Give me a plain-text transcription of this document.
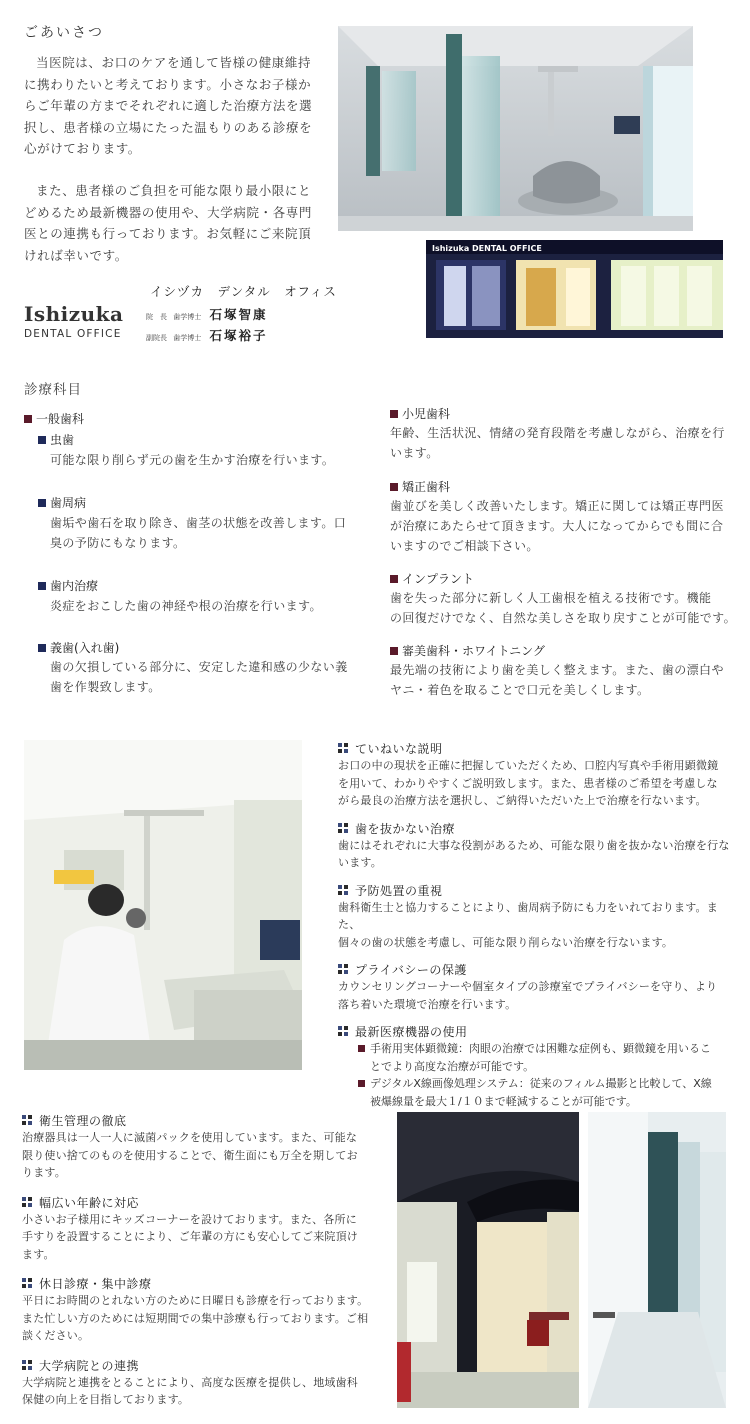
ごあいさつ
当医院は、お口のケアを通して皆様の健康維持
に携わりたいと考えております。小さなお子様か
らご年輩の方までそれぞれに適した治療方法を選
択し、患者様の立場にたった温もりのある診療を
心がけております。
また、患者様のご負担を可能な限り最小限にと
どめるため最新機器の使用や、大学病院・各専門
医との連携も行っております。お気軽にご来院頂
ければ幸いです。	Ishizuka DENTAL OFFICE
Ishizuka
DENTAL OFFICE
イシヅカ　デンタル　オフィス
院　長 歯学博士 石塚智康
副院長 歯学博士 石塚裕子
診療科目
一般歯科
虫歯
可能な限り削らず元の歯を生かす治療を行います。
歯周病
歯垢や歯石を取り除き、歯茎の状態を改善します。口
臭の予防にもなります。
歯内治療
炎症をおこした歯の神経や根の治療を行います。
義歯(入れ歯)
歯の欠損している部分に、安定した違和感の少ない義
歯を作製致します。
小児歯科
年齢、生活状況、情緒の発育段階を考慮しながら、治療を行
います。
矯正歯科
歯並びを美しく改善いたします。矯正に関しては矯正専門医
が治療にあたらせて頂きます。大人になってからでも間に合
いますのでご相談下さい。
インプラント
歯を失った部分に新しく人工歯根を植える技術です。機能
の回復だけでなく、自然な美しさを取り戻すことが可能です。
審美歯科・ホワイトニング
最先端の技術により歯を美しく整えます。また、歯の漂白や
ヤニ・着色を取ることで口元を美しくします。
ていねいな説明
お口の中の現状を正確に把握していただくため、口腔内写真や手術用顕微鏡
を用いて、わかりやすくご説明致します。また、患者様のご希望を考慮しな
がら最良の治療方法を選択し、ご納得いただいた上で治療を行ないます。
歯を抜かない治療
歯にはそれぞれに大事な役割があるため、可能な限り歯を抜かない治療を行な
います。
予防処置の重視
歯科衛生士と協力することにより、歯周病予防にも力をいれております。また、
個々の歯の状態を考慮し、可能な限り削らない治療を行ないます。
プライバシーの保護
カウンセリングコーナーや個室タイプの診療室でプライバシーを守り、より
落ち着いた環境で治療を行います。
最新医療機器の使用
手術用実体顕微鏡：肉眼の治療では困難な症例も、顕微鏡を用いるこ
とでより高度な治療が可能です。
デジタルX線画像処理システム：従来のフィルム撮影と比較して、X線
被爆線量を最大１/１０まで軽減することが可能です。
衛生管理の徹底
治療器具は一人一人に滅菌パックを使用しています。また、可能な
限り使い捨てのものを使用することで、衛生面にも万全を期してお
ります。
幅広い年齢に対応
小さいお子様用にキッズコーナーを設けております。また、各所に
手すりを設置することにより、ご年輩の方にも安心してご来院頂け
ます。
休日診療・集中診療
平日にお時間のとれない方のために日曜日も診療を行っております。
また忙しい方のためには短期間での集中診療も行っております。ご相
談ください。
大学病院との連携
大学病院と連携をとることにより、高度な医療を提供し、地域歯科
保健の向上を目指しております。
